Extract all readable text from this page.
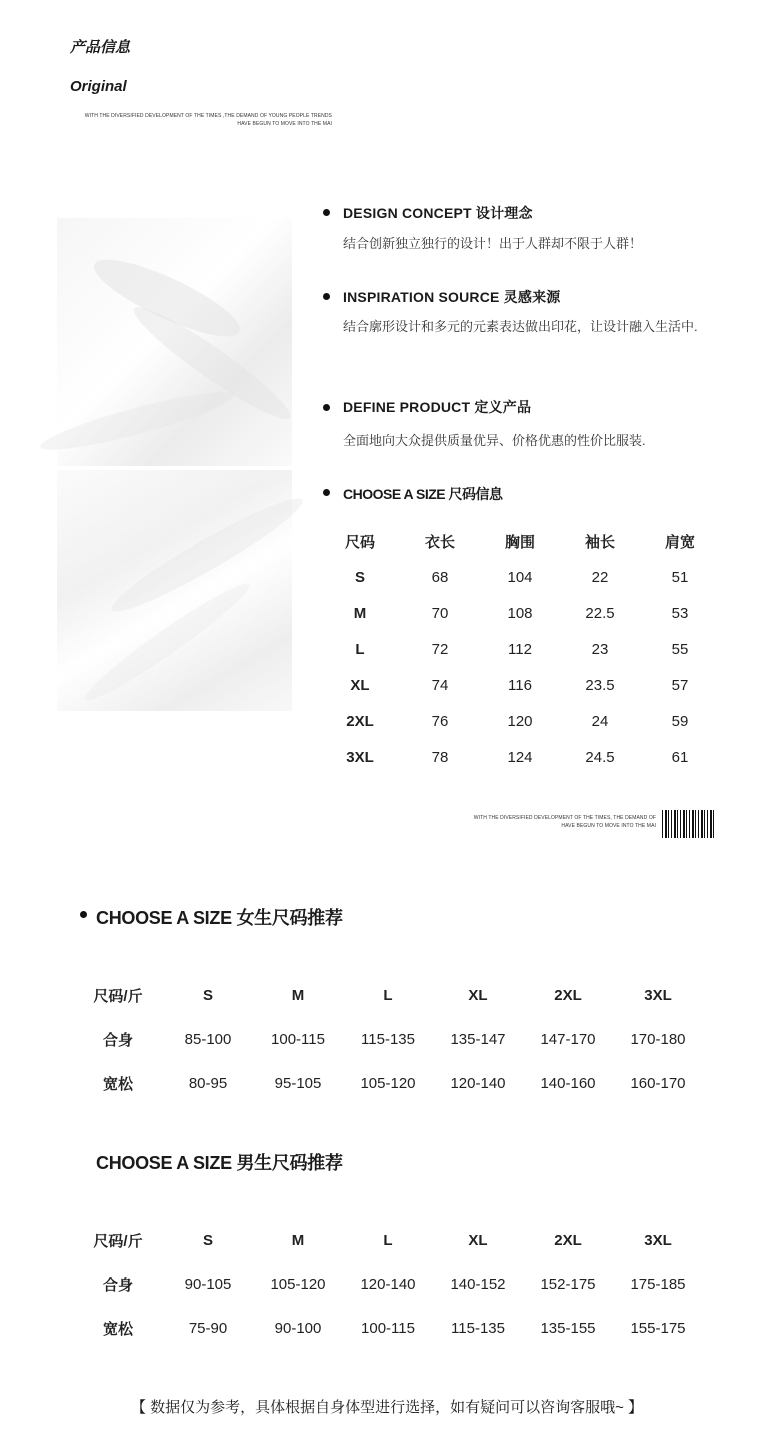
产品信息
Original
WITH THE DIVERSIFIED DEVELOPMENT OF THE TIMES ,THE DEMAND OF YOUNG PEOPLE TRENDS HAVE BEGUN TO MOVE INTO THE MAI
DESIGN CONCEPT 设计理念
结合创新独立独行的设计！出于人群却不限于人群！
INSPIRATION SOURCE 灵感来源
结合廓形设计和多元的元素表达做出印花，让设计融入生活中.
DEFINE PRODUCT 定义产品
全面地向大众提供质量优异、价格优惠的性价比服装.
CHOOSE A SIZE 尺码信息
尺码	衣长	胸围	袖长	肩宽
S	68	104	22	51
M	70	108	22.5	53
L	72	112	23	55
XL	74	116	23.5	57
2XL	76	120	24	59
3XL	78	124	24.5	61
WITH THE DIVERSIFIED DEVELOPMENT OF THE TIMES, THE DEMAND OF HAVE BEGUN TO MOVE INTO THE MAI
CHOOSE A SIZE 女生尺码推荐
尺码/斤	S	M	L	XL	2XL	3XL
合身	85-100	100-115	115-135	135-147	147-170	170-180
宽松	80-95	95-105	105-120	120-140	140-160	160-170
CHOOSE A SIZE 男生尺码推荐
尺码/斤	S	M	L	XL	2XL	3XL
合身	90-105	105-120	120-140	140-152	152-175	175-185
宽松	75-90	90-100	100-115	115-135	135-155	155-175
【 数据仅为参考，具体根据自身体型进行选择，如有疑问可以咨询客服哦~ 】
